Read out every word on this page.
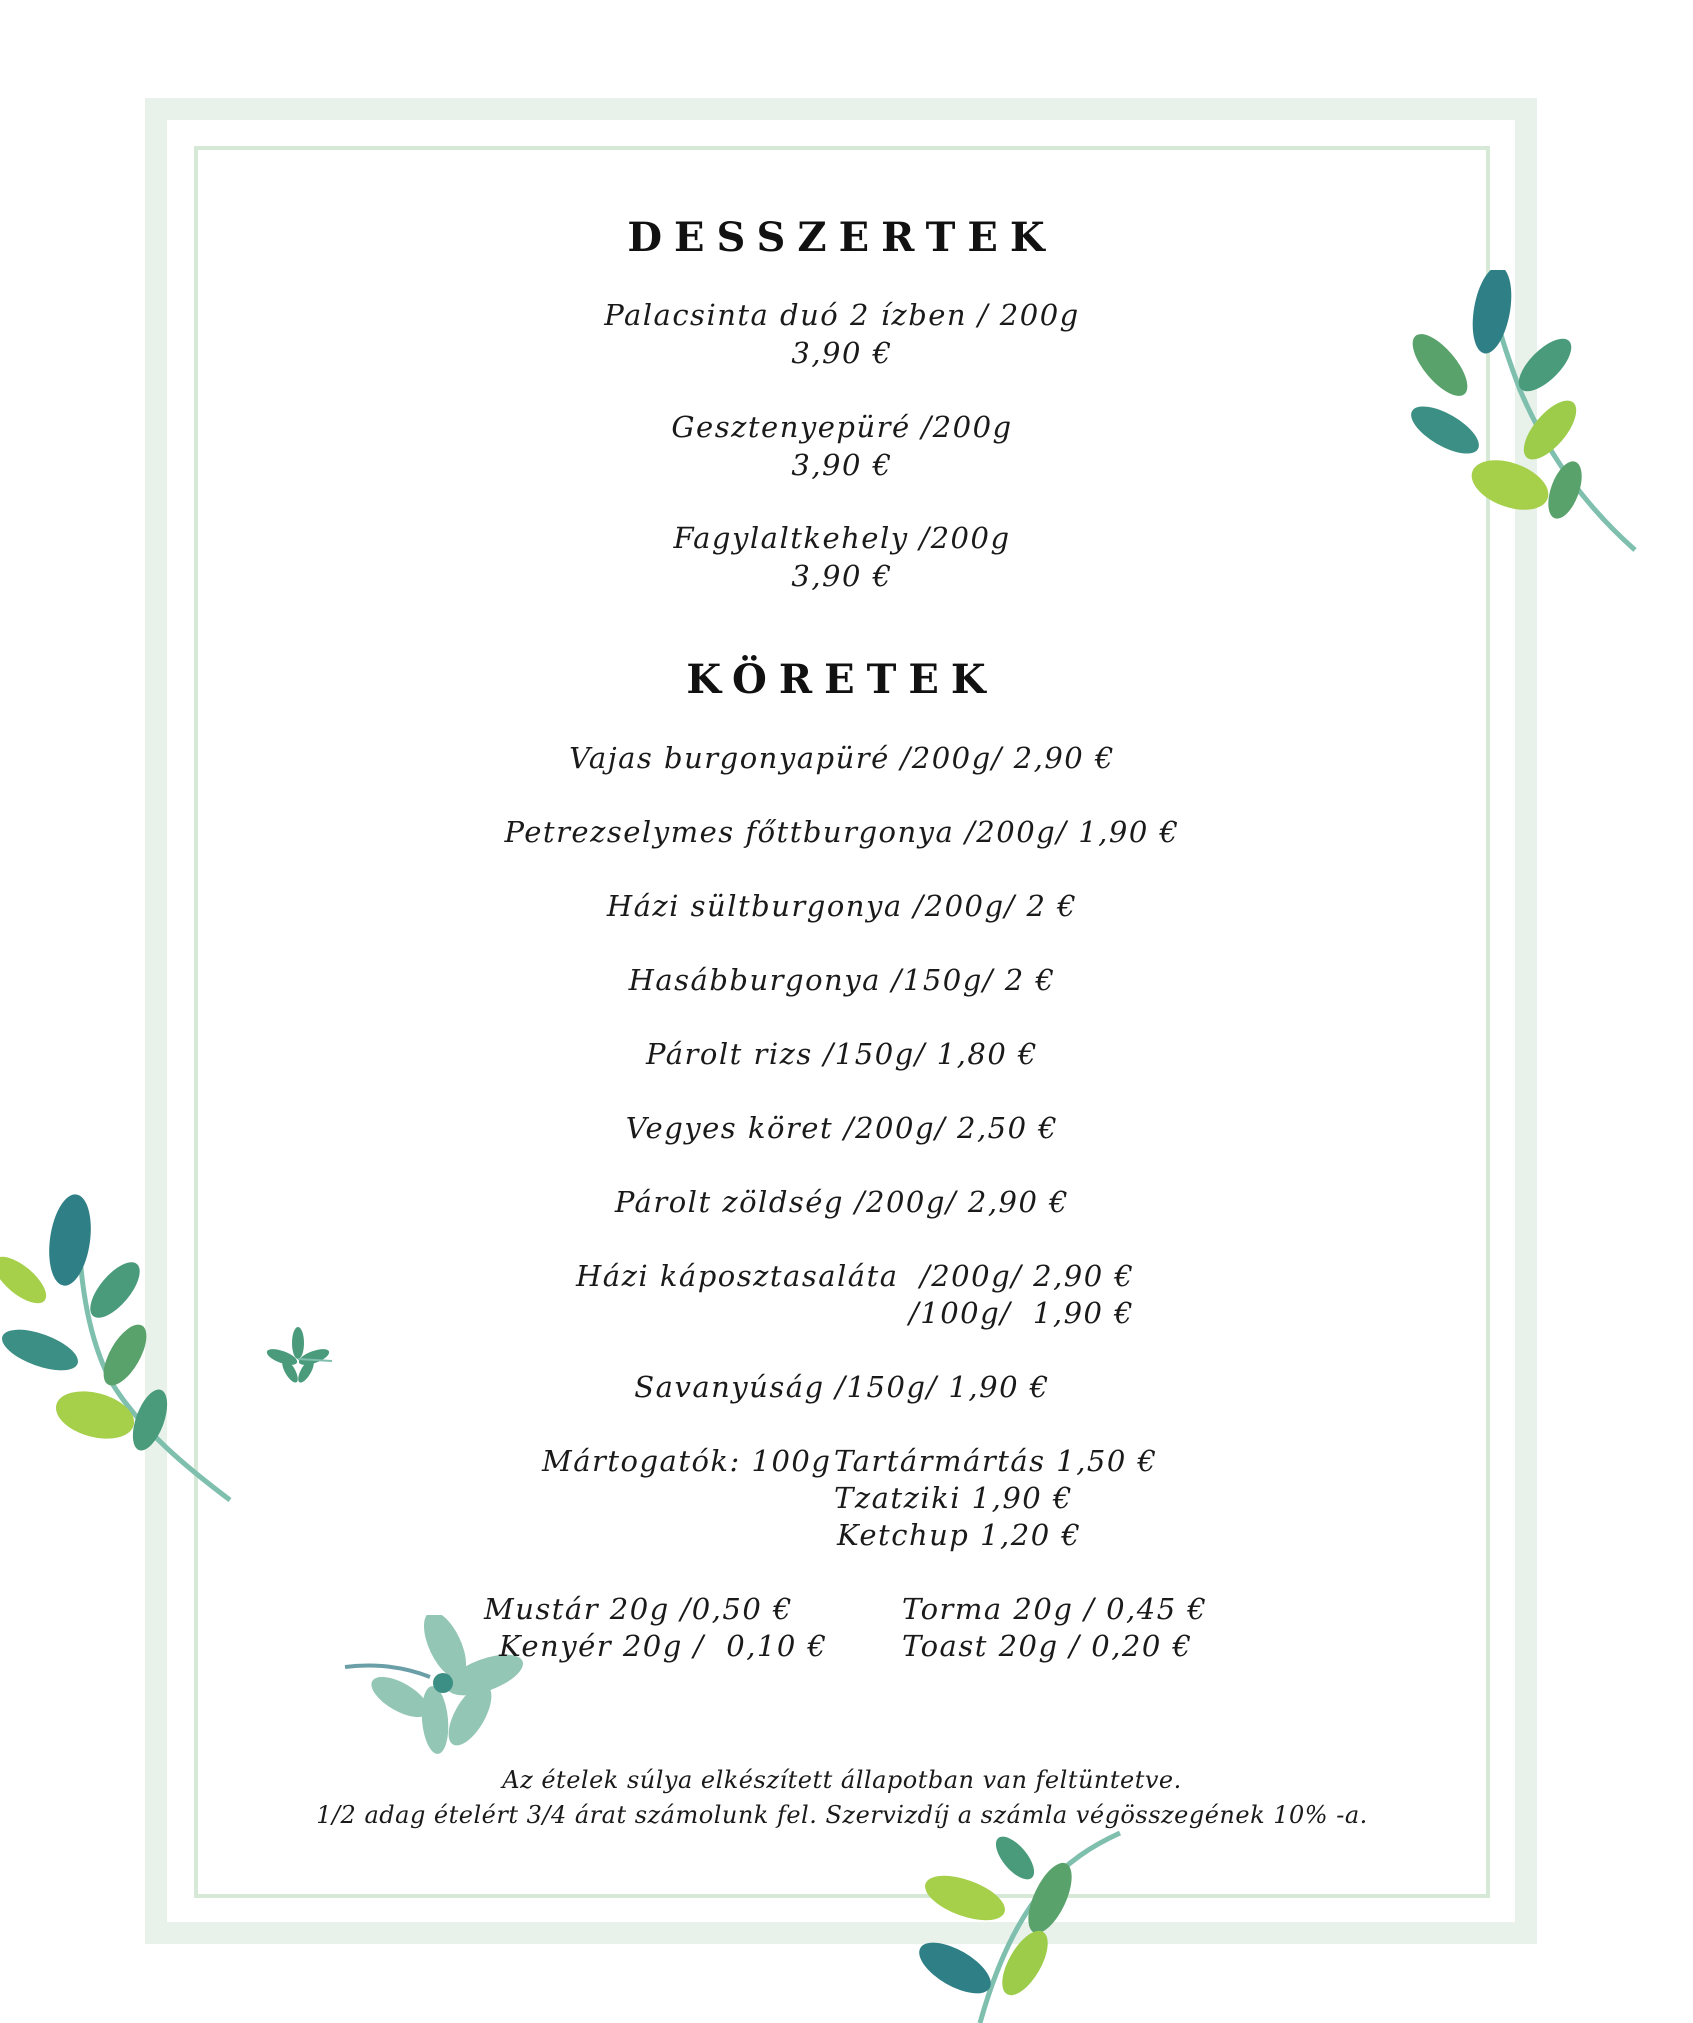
DESSZERTEK
Palacsinta duó 2 ízben / 200g
3,90 €
Gesztenyepüré /200g
3,90 €
Fagylaltkehely /200g
3,90 €
KÖRETEK
Vajas burgonyapüré /200g/ 2,90 €
Petrezselymes főttburgonya /200g/ 1,90 €
Házi sültburgonya /200g/ 2 €
Hasábburgonya /150g/ 2 €
Párolt rizs /150g/ 1,80 €
Vegyes köret /200g/ 2,50 €
Párolt zöldség /200g/ 2,90 €
Házi káposztasaláta  /200g/ 2,90 €
/100g/  1,90 €
Savanyúság /150g/ 1,90 €
Mártogatók: 100g Tartármártás 1,50 €
Tzatziki 1,90 €
Ketchup 1,20 €
Mustár 20g /0,50 €
Kenyér 20g /  0,10 €
Torma 20g / 0,45 €
Toast 20g / 0,20 €
Az ételek súlya elkészített állapotban van feltüntetve.
1/2 adag ételért 3/4 árat számolunk fel. Szervizdíj a számla végösszegének 10% -a.
